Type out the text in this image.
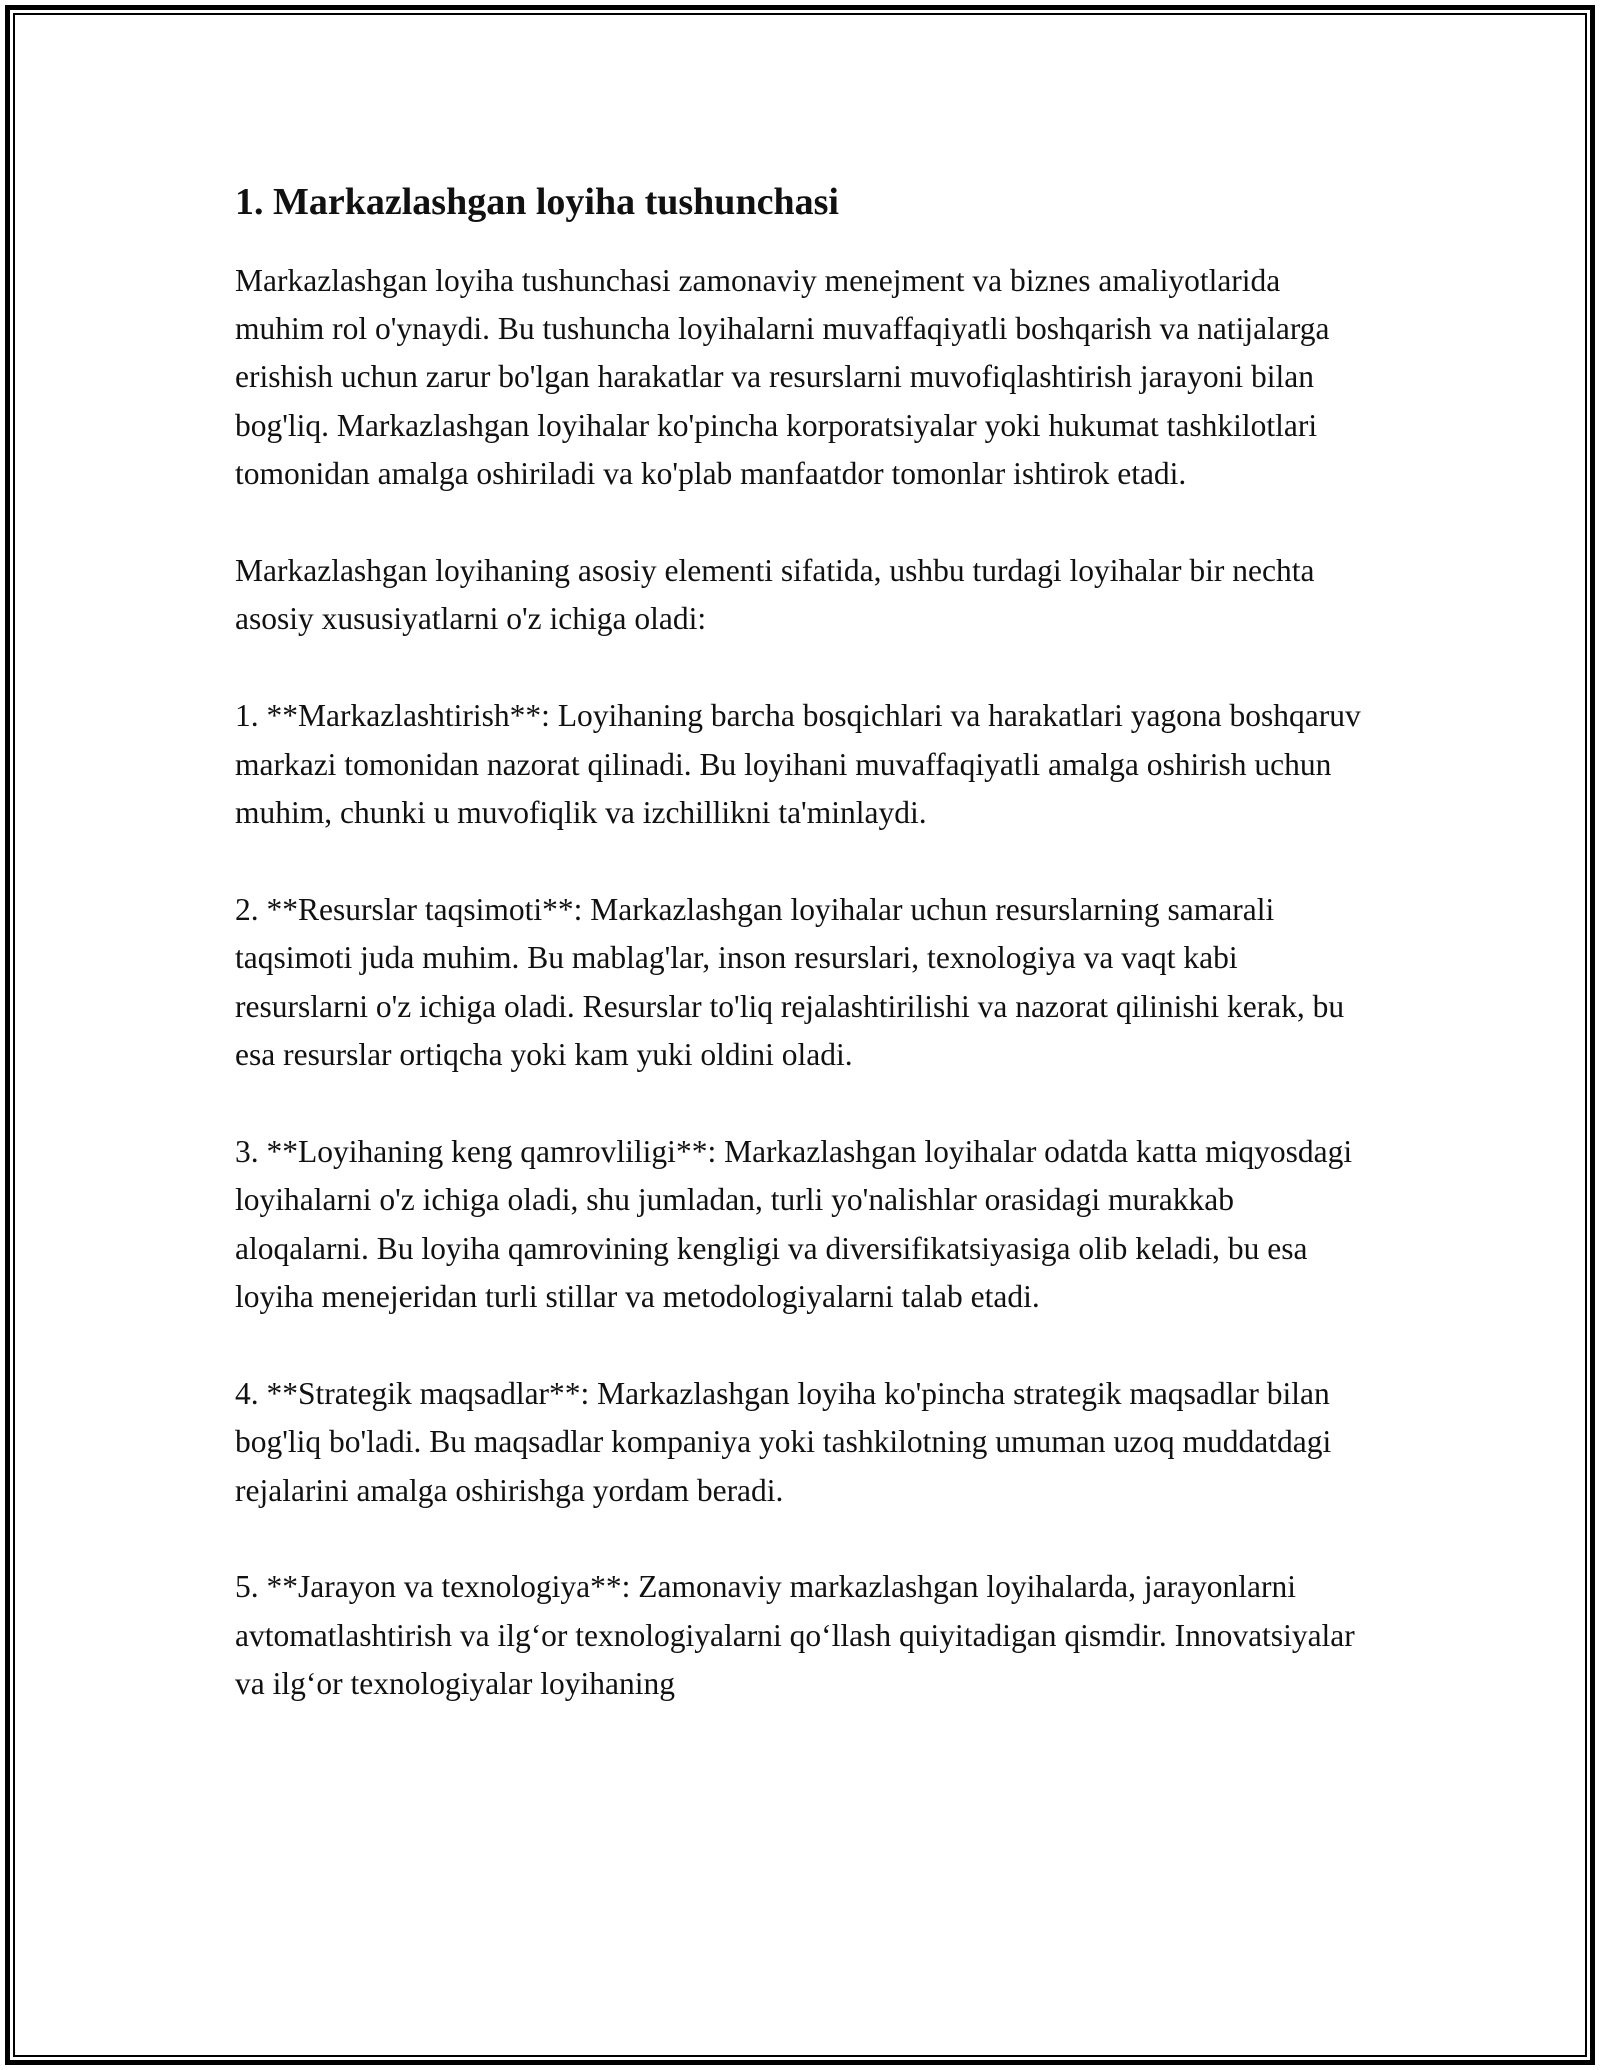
1. Markazlashgan loyiha tushunchasi

Markazlashgan loyiha tushunchasi zamonaviy menejment va biznes amaliyotlarida muhim rol o'ynaydi. Bu tushuncha loyihalarni muvaffaqiyatli boshqarish va natijalarga erishish uchun zarur bo'lgan harakatlar va resurslarni muvofiqlashtirish jarayoni bilan bog'liq. Markazlashgan loyihalar ko'pincha korporatsiyalar yoki hukumat tashkilotlari tomonidan amalga oshiriladi va ko'plab manfaatdor tomonlar ishtirok etadi.

Markazlashgan loyihaning asosiy elementi sifatida, ushbu turdagi loyihalar bir nechta asosiy xususiyatlarni o'z ichiga oladi:

1. **Markazlashtirish**: Loyihaning barcha bosqichlari va harakatlari yagona boshqaruv markazi tomonidan nazorat qilinadi. Bu loyihani muvaffaqiyatli amalga oshirish uchun muhim, chunki u muvofiqlik va izchillikni ta'minlaydi.

2. **Resurslar taqsimoti**: Markazlashgan loyihalar uchun resurslarning samarali taqsimoti juda muhim. Bu mablag'lar, inson resurslari, texnologiya va vaqt kabi resurslarni o'z ichiga oladi. Resurslar to'liq rejalashtirilishi va nazorat qilinishi kerak, bu esa resurslar ortiqcha yoki kam yuki oldini oladi.

3. **Loyihaning keng qamrovliligi**: Markazlashgan loyihalar odatda katta miqyosdagi loyihalarni o'z ichiga oladi, shu jumladan, turli yo'nalishlar orasidagi murakkab aloqalarni. Bu loyiha qamrovining kengligi va diversifikatsiyasiga olib keladi, bu esa loyiha menejeridan turli stillar va metodologiyalarni talab etadi.

4. **Strategik maqsadlar**: Markazlashgan loyiha ko'pincha strategik maqsadlar bilan bog'liq bo'ladi. Bu maqsadlar kompaniya yoki tashkilotning umuman uzoq muddatdagi rejalarini amalga oshirishga yordam beradi.

5. **Jarayon va texnologiya**: Zamonaviy markazlashgan loyihalarda, jarayonlarni avtomatlashtirish va ilg‘or texnologiyalarni qo‘llash quiyitadigan qismdir. Innovatsiyalar va ilg‘or texnologiyalar loyihaning
